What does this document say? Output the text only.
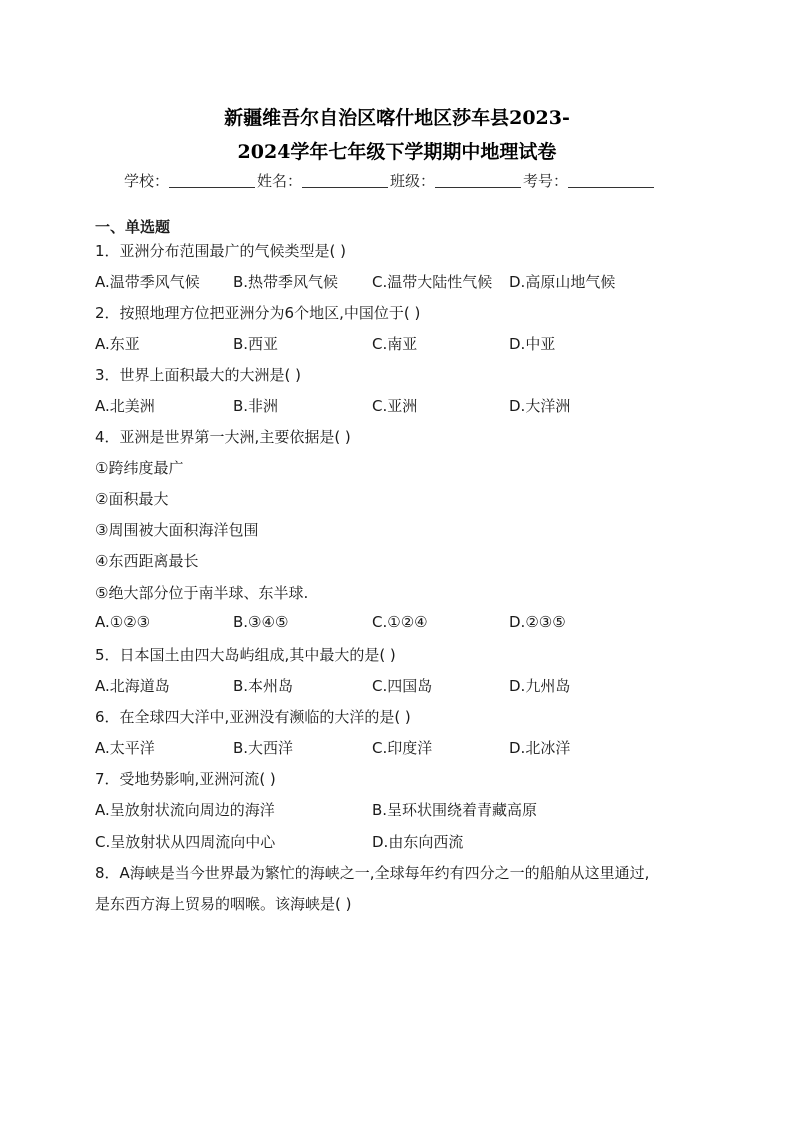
新疆维吾尔自治区喀什地区莎车县2023-
2024学年七年级下学期期中地理试卷
学校：	姓名：	班级：	考号：
一、单选题
1．亚洲分布范围最广的气候类型是( )
A.温带季风气候 B.热带季风气候 C.温带大陆性气候 D.高原山地气候
2．按照地理方位把亚洲分为6个地区,中国位于( )
A.东亚	B.西亚	C.南亚	D.中亚
3．世界上面积最大的大洲是( )
A.北美洲	B.非洲	C.亚洲	D.大洋洲
4．亚洲是世界第一大洲,主要依据是( )
①跨纬度最广
②面积最大
③周围被大面积海洋包围
④东西距离最长
⑤绝大部分位于南半球、东半球.
A.①②③	B.③④⑤	C.①②④	D.②③⑤
5．日本国土由四大岛屿组成,其中最大的是( )
A.北海道岛	B.本州岛	C.四国岛	D.九州岛
6．在全球四大洋中,亚洲没有濒临的大洋的是( )
A.太平洋	B.大西洋	C.印度洋	D.北冰洋
7．受地势影响,亚洲河流( )
A.呈放射状流向周边的海洋	B.呈环状围绕着青藏高原
C.呈放射状从四周流向中心	D.由东向西流
8．A海峡是当今世界最为繁忙的海峡之一,全球每年约有四分之一的船舶从这里通过,
是东西方海上贸易的咽喉。该海峡是( )
